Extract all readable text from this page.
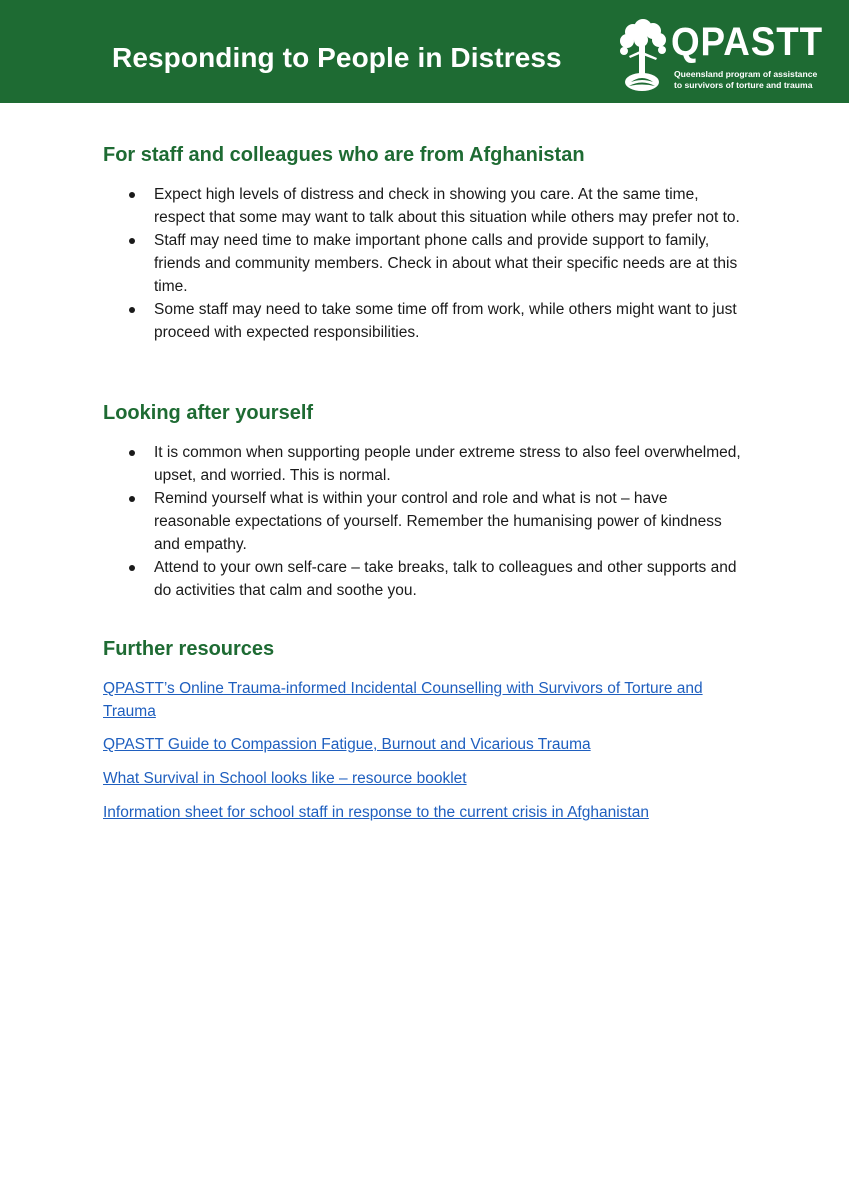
Responding to People in Distress	QPASTT
Queensland program of assistance
to survivors of torture and trauma
For staff and colleagues who are from Afghanistan
Expect high levels of distress and check in showing you care. At the same time, respect that some may want to talk about this situation while others may prefer not to.
Staff may need time to make important phone calls and provide support to family, friends and community members. Check in about what their specific needs are at this time.
Some staff may need to take some time off from work, while others might want to just proceed with expected responsibilities.
Looking after yourself
It is common when supporting people under extreme stress to also feel overwhelmed, upset, and worried. This is normal.
Remind yourself what is within your control and role and what is not – have reasonable expectations of yourself. Remember the humanising power of kindness and empathy.
Attend to your own self-care – take breaks, talk to colleagues and other supports and do activities that calm and soothe you.
Further resources
QPASTT’s Online Trauma-informed Incidental Counselling with Survivors of Torture and Trauma
QPASTT Guide to Compassion Fatigue, Burnout and Vicarious Trauma
What Survival in School looks like – resource booklet
Information sheet for school staff in response to the current crisis in Afghanistan
